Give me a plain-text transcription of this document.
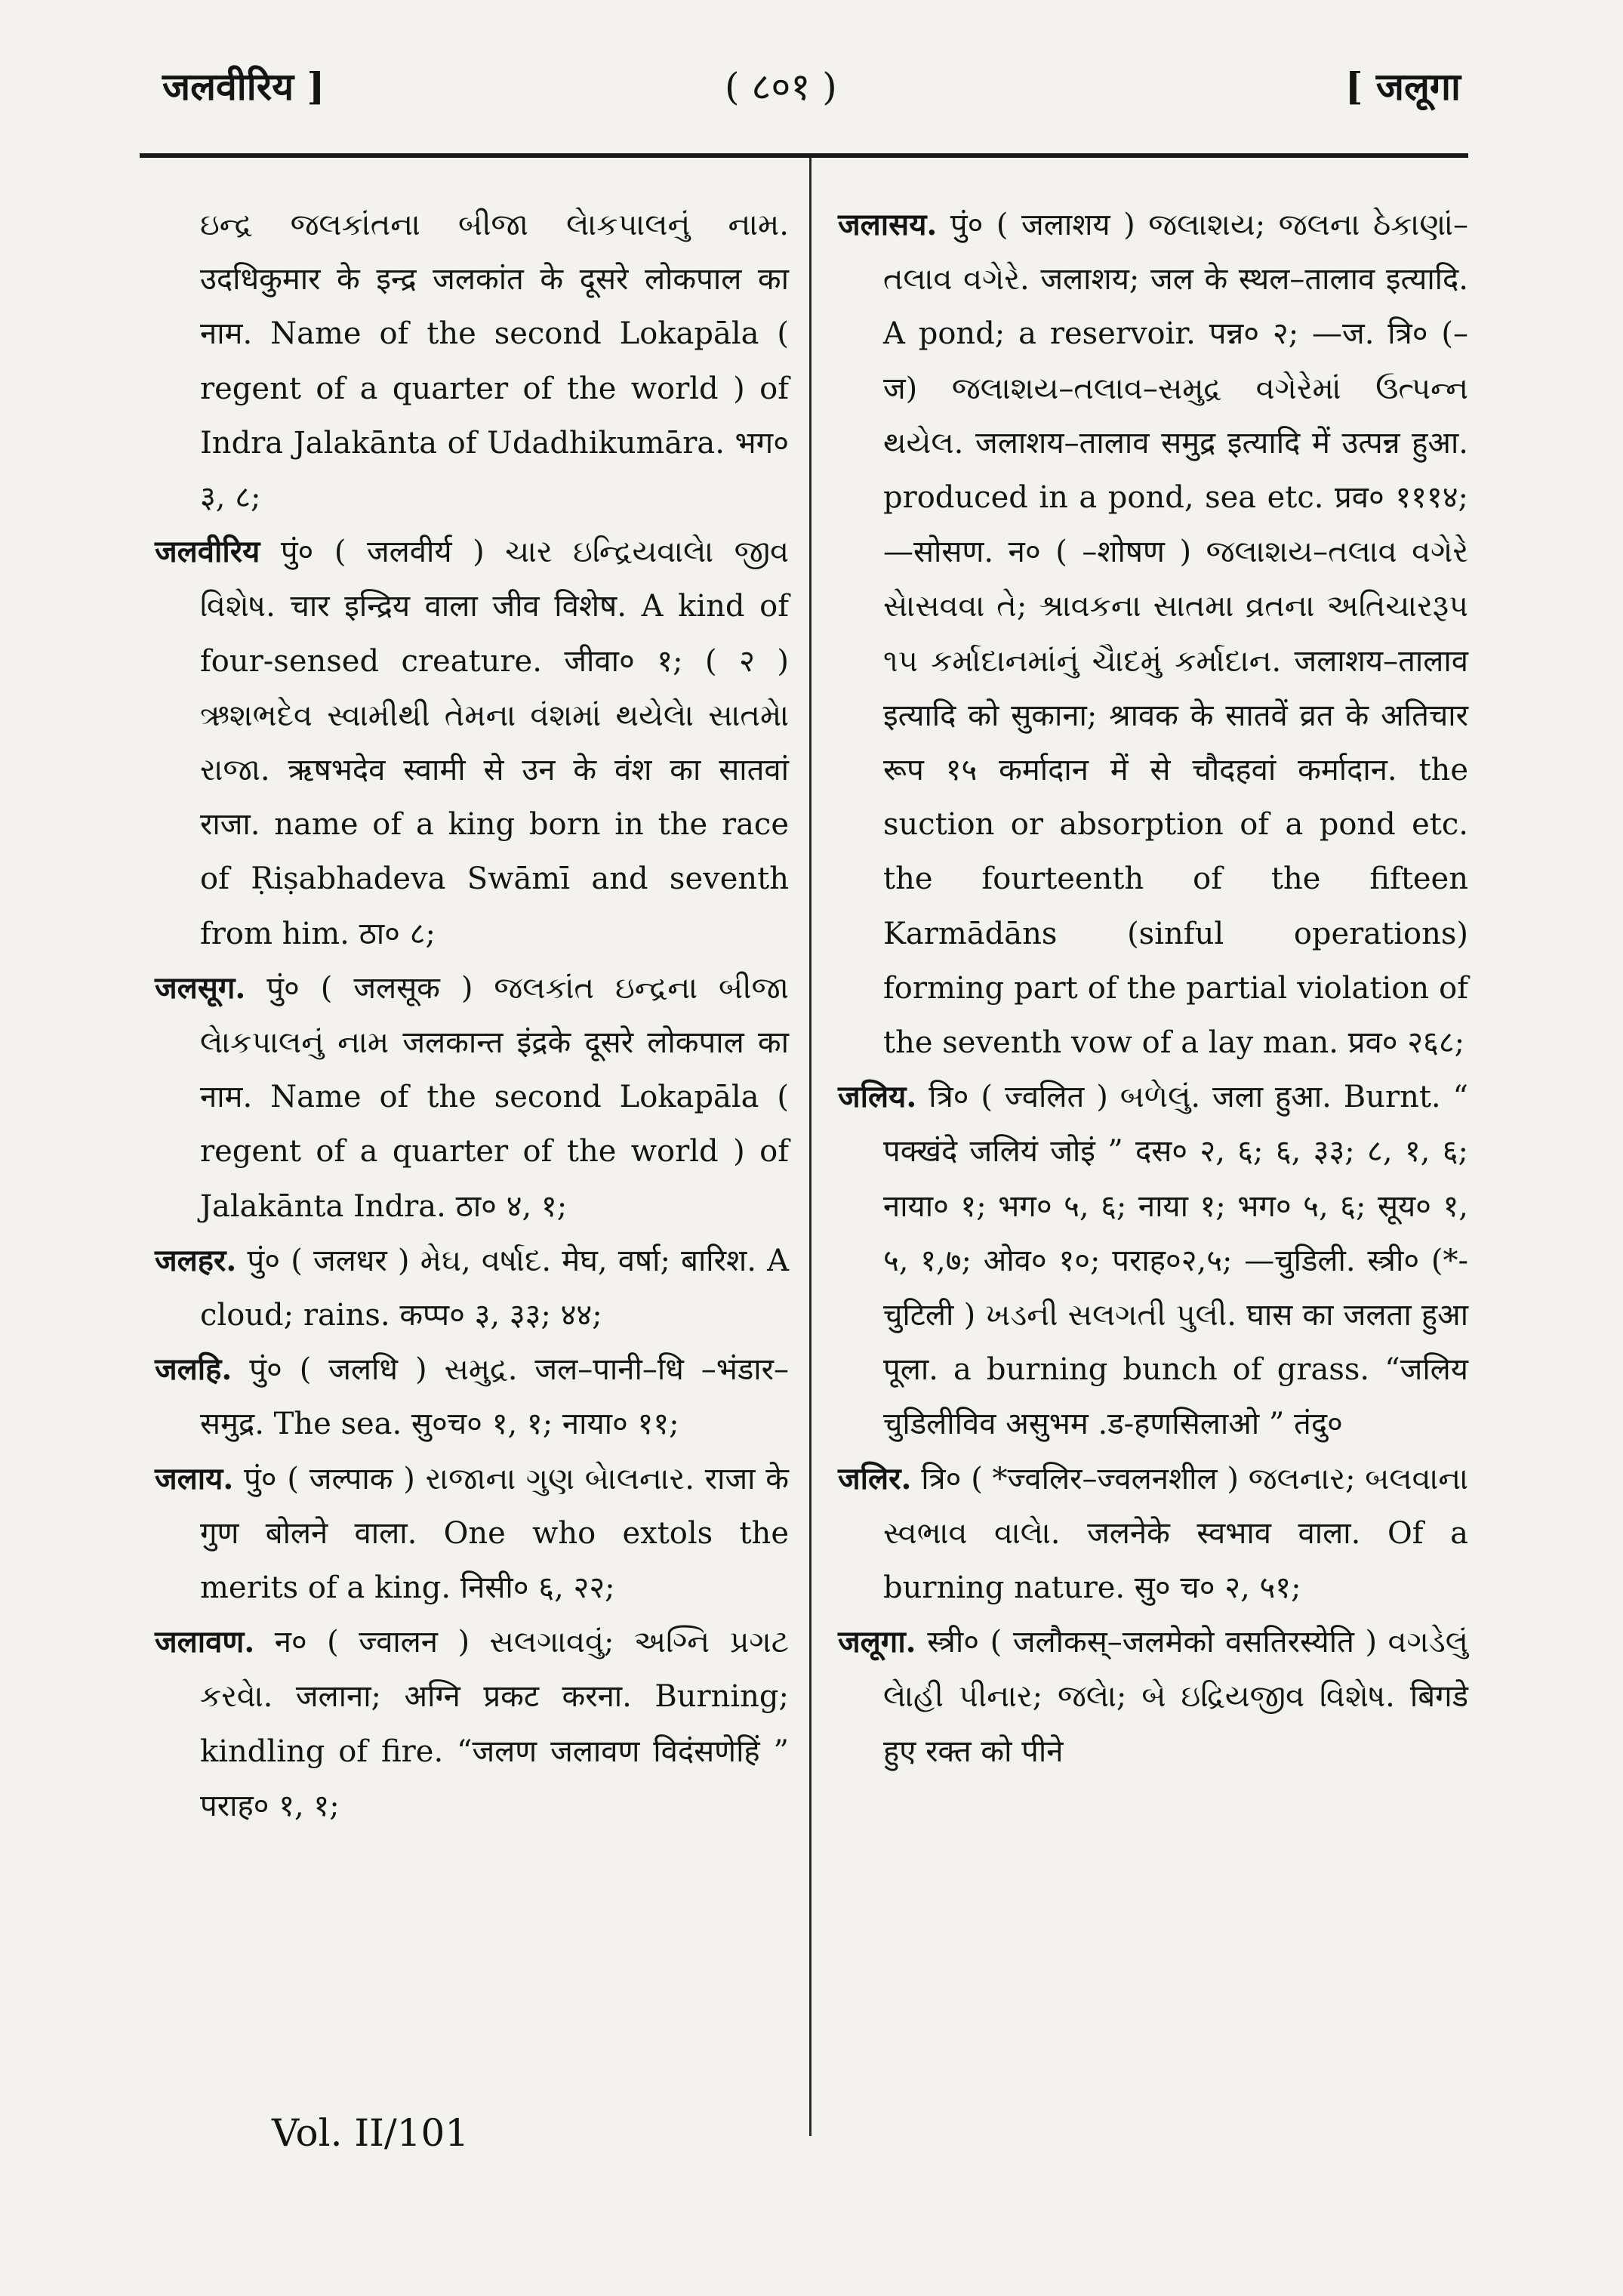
जलवीरिय ]	( ८०१ )	[ जलूगा

ઇન્દ્ર જલકાંતના બીજા લેાકપાલનું નામ. उदधिकुमार के इन्द्र जलकांत के दूसरे लोकपाल का नाम. Name of the second Lokapāla ( regent of a quarter of the world ) of Indra Jalakānta of Udadhikumāra. भग० ३, ८;

जलवीरिय पुं० ( जलवीर्य ) ચાર ઇન્દ્રિયવાલેા જીવ વિશેષ. चार इन्द्रिय वाला जीव विशेष. A kind of four-sensed creature. जीवा० १; ( २ ) ઋશભદેવ સ્વામીથી તેમના વંશમાં થયેલેા સાતમેા રાજા. ऋषभदेव स्वामी से उन के वंश का सातवां राजा. name of a king born in the race of Ṛiṣabhadeva Swāmī and seventh from him. ठा० ८;

जलसूग. पुं० ( जलसूक ) જલકાંત ઇન્દ્રના બીજા લેાકપાલનું નામ जलकान्त इंद्रके दूसरे लोकपाल का नाम. Name of the second Lokapāla ( regent of a quarter of the world ) of Jalakānta Indra. ठा० ४, १;

जलहर. पुं० ( जलधर ) મેઘ, વર્ષાદ. मेघ, वर्षा; बारिश. A cloud; rains. कप्प० ३, ३३; ४४;

जलहि. पुं० ( जलधि ) સમુદ્ર. जल–पानी–धि –भंडार–समुद्र. The sea. सु०च० १, १; नाया० ११;

जलाय. पुं० ( जल्पाक ) રાજાના ગુણ બેાલનાર. राजा के गुण बोलने वाला. One who extols the merits of a king. निसी० ६, २२;

जलावण. न० ( ज्वालन ) સલગાવવું; અગ્નિ પ્રગટ કરવેા. जलाना; अग्नि प्रकट करना. Burning; kindling of fire. “जलण जलावण विदंसणेहिं ” पराह० १, १;

जलासय. पुं० ( जलाशय ) જલાશય; જલના ઠેકાણાં–તલાવ વગેરે. जलाशय; जल के स्थल–तालाव इत्यादि. A pond; a reservoir. पन्न० २; —ज. त्रि० (–ज) જલાશય–તલાવ–સમુદ્ર વગેરેમાં ઉત્પન્ન થયેલ. जलाशय–तालाव समुद्र इत्यादि में उत्पन्न हुआ. produced in a pond, sea etc. प्रव० १११४; —सोसण. न० ( –शोषण ) જલાશય–તલાવ વગેરે સેાસવવા તે; શ્રાવકના સાતમા વ્રતના અતિચારરૂપ ૧૫ કર્માદાનમાંનું ચૈાદમું કર્માદાન. जलाशय–तालाव इत्यादि को सुकाना; श्रावक के सातवें व्रत के अतिचार रूप १५ कर्मादान में से चौदहवां कर्मादान. the suction or absorption of a pond etc. the fourteenth of the fifteen Karmādāns (sinful operations) forming part of the partial violation of the seventh vow of a lay man. प्रव० २६८;

जलिय. त्रि० ( ज्वलित ) બળેલું. जला हुआ. Burnt. “ पक्खंदे जलियं जोइं ” दस० २, ६; ६, ३३; ८, १, ६; नाया० १; भग० ५, ६; नाया १; भग० ५, ६; सूय० १, ५, १,७; ओव० १०; पराह०२,५; —चुडिली. स्त्री० (*-चुटिली ) ખડની સલગતી પુલી. घास का जलता हुआ पूला. a burning bunch of grass. “जलिय चुडिलीविव असुभम .ड-हणसिलाओ ” तंदु०

जलिर. त्रि० ( *ज्वलिर–ज्वलनशील ) જલનાર; બલવાના સ્વભાવ વાલેા. जलनेके स्वभाव वाला. Of a burning nature. सु० च० २, ५१;

जलूगा. स्त्री० ( जलौकस्–जलमेको वसतिरस्येति ) વગડેલું લેાહી પીનાર; જલેા; બે ઇદ્રિયજીવ વિશેષ. बिगडे हुए रक्त को पीने

Vol. II/101
